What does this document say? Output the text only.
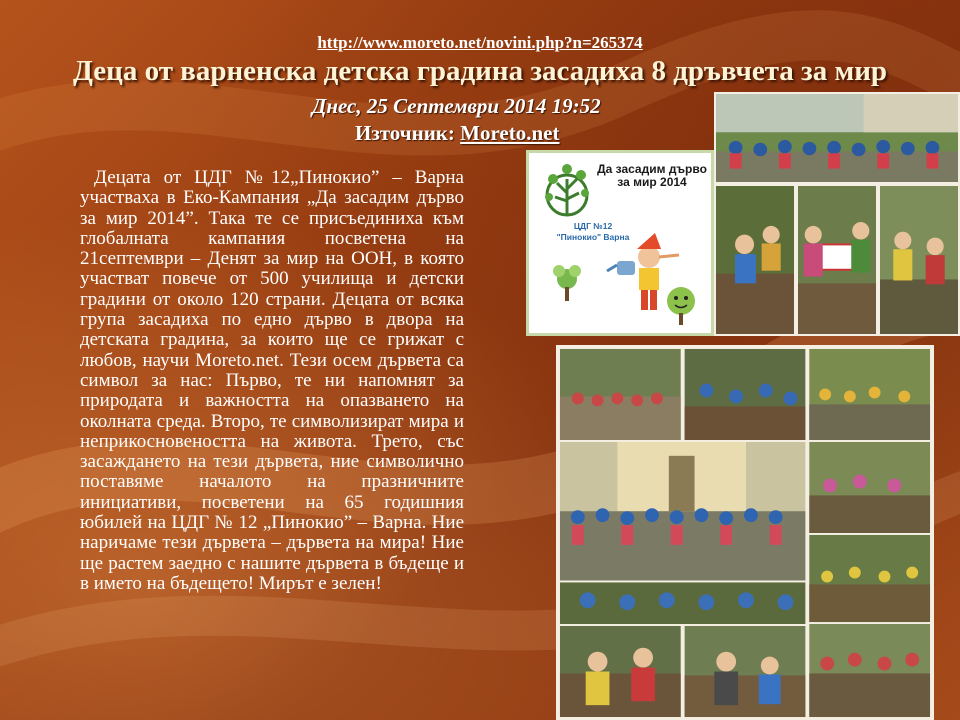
http://www.moreto.net/novini.php?n=265374
Деца от варненска детска градина засадиха 8 дръвчета за мир
Днес, 25 Септември 2014 19:52
Източник: Moreto.net
Децата от ЦДГ №12„Пинокио” – Варна участваха в Еко-Кампания „Да засадим дърво за мир 2014”. Така те се присъединиха към глобалната кампания посветена на 21септември – Денят за мир на ООН, в която участват повече от 500 училища и детски градини от около 120 страни. Децата от всяка група засадиха по едно дърво в двора на детската градина, за които ще се грижат с любов, научи Moreto.net. Тези осем дървета са символ за нас: Първо, те ни напомнят за природата и важността на опазването на околната среда. Второ, те символизират мира и неприкосновеността на живота. Трето, със засаждането на тези дървета, ние символично поставяме началото на празничните инициативи, посветени на 65 годишния юбилей на ЦДГ № 12 „Пинокио” – Варна. Ние наричаме тези дървета – дървета на мира! Ние ще растем заедно с нашите дървета в бъдеще и в името на бъдещето! Мирът е зелен!
Да засадим дърво за мир 2014
ЦДГ №12 "Пинокио" Варна
